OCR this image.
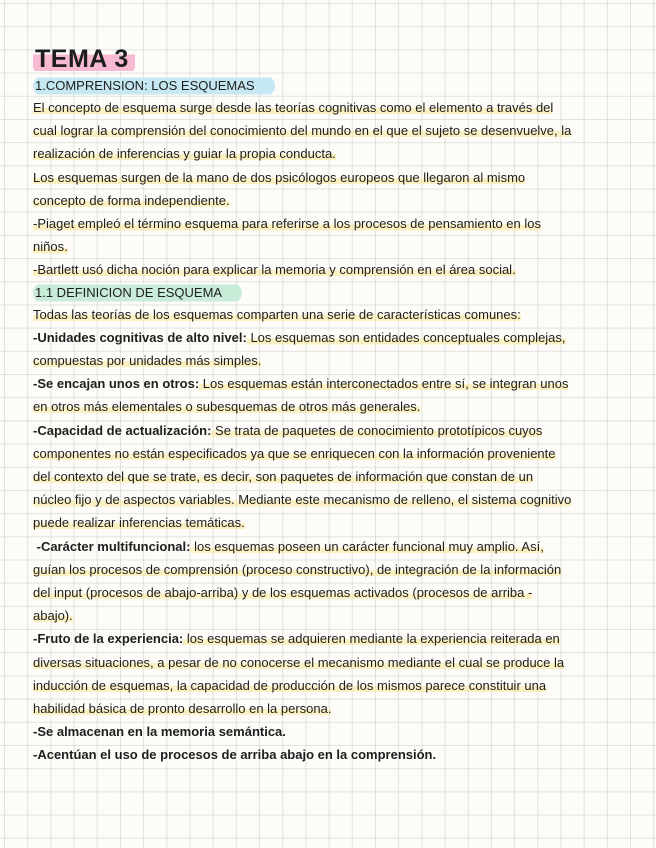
TEMA 3
1.COMPRENSION: LOS ESQUEMAS
El concepto de esquema surge desde las teorías cognitivas como el elemento a través del
cual lograr la comprensión del conocimiento del mundo en el que el sujeto se desenvuelve, la
realización de inferencias y guiar la propia conducta.
Los esquemas surgen de la mano de dos psicólogos europeos que llegaron al mismo
concepto de forma independiente.
-Piaget empleó el término esquema para referirse a los procesos de pensamiento en los
niños.
-Bartlett usó dicha noción para explicar la memoria y comprensión en el área social.
1.1 DEFINICION DE ESQUEMA
Todas las teorías de los esquemas comparten una serie de características comunes:
-Unidades cognitivas de alto nivel: Los esquemas son entidades conceptuales complejas,
compuestas por unidades más simples.
-Se encajan unos en otros: Los esquemas están interconectados entre sí, se integran unos
en otros más elementales o subesquemas de otros más generales.
-Capacidad de actualización: Se trata de paquetes de conocimiento prototípicos cuyos
componentes no están especificados ya que se enriquecen con la información proveniente
del contexto del que se trate, es decir, son paquetes de información que constan de un
núcleo fijo y de aspectos variables. Mediante este mecanismo de relleno, el sistema cognitivo
puede realizar inferencias temáticas.
-Carácter multifuncional: los esquemas poseen un carácter funcional muy amplio. Así,
guían los procesos de comprensión (proceso constructivo), de integración de la información
del input (procesos de abajo-arriba) y de los esquemas activados (procesos de arriba -
abajo).
-Fruto de la experiencia: los esquemas se adquieren mediante la experiencia reiterada en
diversas situaciones, a pesar de no conocerse el mecanismo mediante el cual se produce la
inducción de esquemas, la capacidad de producción de los mismos parece constituir una
habilidad básica de pronto desarrollo en la persona.
-Se almacenan en la memoria semántica.
-Acentúan el uso de procesos de arriba abajo en la comprensión.
